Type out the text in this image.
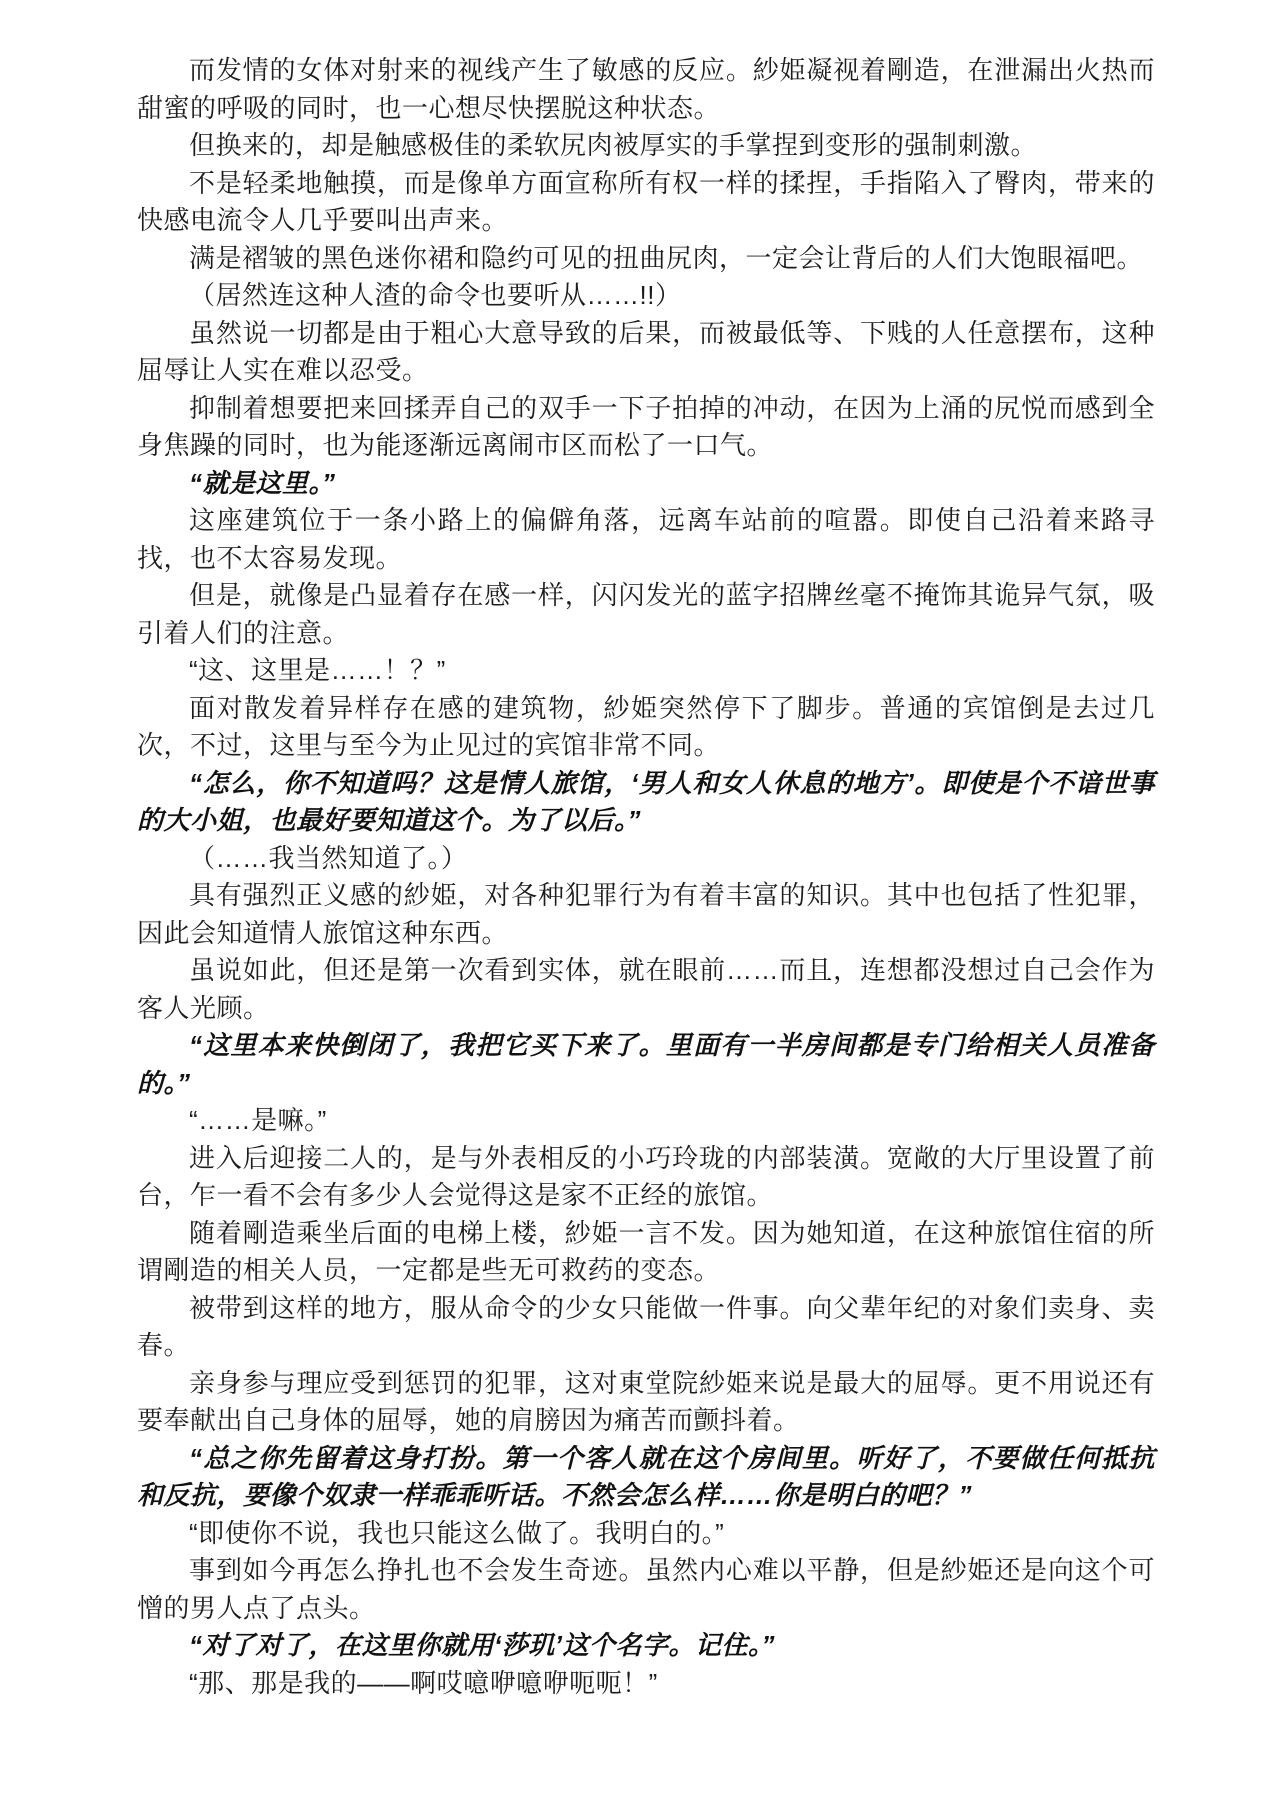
而发情的女体对射来的视线产生了敏感的反应。紗姫凝视着剛造，在泄漏出火热而甜蜜的呼吸的同时，也一心想尽快摆脱这种状态。

但换来的，却是触感极佳的柔软尻肉被厚实的手掌捏到变形的强制刺激。

不是轻柔地触摸，而是像单方面宣称所有权一样的揉捏，手指陷入了臀肉，带来的快感电流令人几乎要叫出声来。

满是褶皱的黑色迷你裙和隐约可见的扭曲尻肉，一定会让背后的人们大饱眼福吧。

（居然连这种人渣的命令也要听从……!!）

虽然说一切都是由于粗心大意导致的后果，而被最低等、下贱的人任意摆布，这种屈辱让人实在难以忍受。

抑制着想要把来回揉弄自己的双手一下子拍掉的冲动，在因为上涌的尻悦而感到全身焦躁的同时，也为能逐渐远离闹市区而松了一口气。

“就是这里。”

这座建筑位于一条小路上的偏僻角落，远离车站前的喧嚣。即使自己沿着来路寻找，也不太容易发现。

但是，就像是凸显着存在感一样，闪闪发光的蓝字招牌丝毫不掩饰其诡异气氛，吸引着人们的注意。

“这、这里是……！？”

面对散发着异样存在感的建筑物，紗姫突然停下了脚步。普通的宾馆倒是去过几次，不过，这里与至今为止见过的宾馆非常不同。

“怎么，你不知道吗？这是情人旅馆，‘男人和女人休息的地方’。即使是个不谙世事的大小姐，也最好要知道这个。为了以后。”

（……我当然知道了。）

具有强烈正义感的紗姫，对各种犯罪行为有着丰富的知识。其中也包括了性犯罪，因此会知道情人旅馆这种东西。

虽说如此，但还是第一次看到实体，就在眼前……而且，连想都没想过自己会作为客人光顾。

“这里本来快倒闭了，我把它买下来了。里面有一半房间都是专门给相关人员准备的。”

“……是嘛。”

进入后迎接二人的，是与外表相反的小巧玲珑的内部装潢。宽敞的大厅里设置了前台，乍一看不会有多少人会觉得这是家不正经的旅馆。

随着剛造乘坐后面的电梯上楼，紗姫一言不发。因为她知道，在这种旅馆住宿的所谓剛造的相关人员，一定都是些无可救药的变态。

被带到这样的地方，服从命令的少女只能做一件事。向父辈年纪的对象们卖身、卖春。

亲身参与理应受到惩罚的犯罪，这对東堂院紗姫来说是最大的屈辱。更不用说还有要奉献出自己身体的屈辱，她的肩膀因为痛苦而颤抖着。

“总之你先留着这身打扮。第一个客人就在这个房间里。听好了，不要做任何抵抗和反抗，要像个奴隶一样乖乖听话。不然会怎么样……你是明白的吧？”

“即使你不说，我也只能这么做了。我明白的。”

事到如今再怎么挣扎也不会发生奇迹。虽然内心难以平静，但是紗姫还是向这个可憎的男人点了点头。

“对了对了，在这里你就用‘莎玑’这个名字。记住。”

“那、那是我的——啊哎噫咿噫咿呃呃！”
